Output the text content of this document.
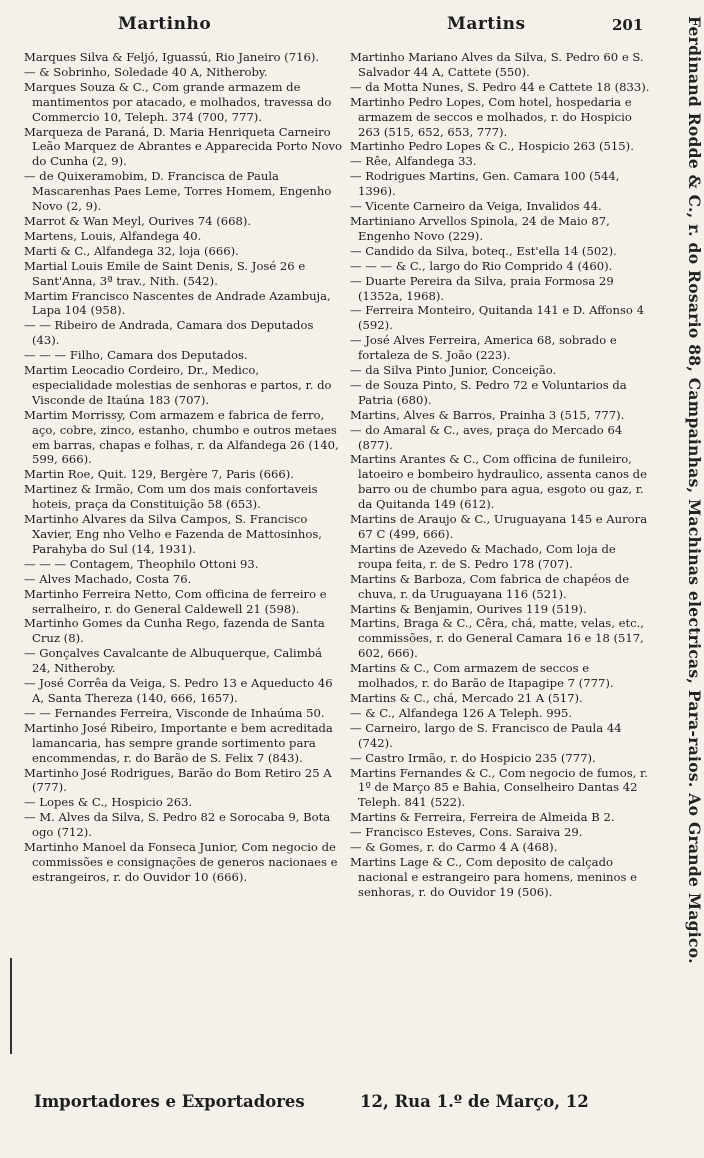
Martinho	Martins	201

Marques Silva & Feljó, Iguassú, Rio Janeiro (716).

— & Sobrinho, Soledade 40 A, Nitheroby.

Marques Souza & C., Com grande armazem de mantimentos por atacado, e molhados, travessa do Commercio 10, Teleph. 374 (700, 777).

Marqueza de Paraná, D. Maria Henriqueta Carneiro Leão Marquez de Abrantes e Apparecida Porto Novo do Cunha (2, 9).

— de Quixeramobim, D. Francisca de Paula Mascarenhas Paes Leme, Torres Homem, Engenho Novo (2, 9).

Marrot & Wan Meyl, Ourives 74 (668).

Martens, Louis, Alfandega 40.

Marti & C., Alfandega 32, loja (666).

Martial Louis Emile de Saint Denis, S. José 26 e Sant'Anna, 3ª trav., Nith. (542).

Martim Francisco Nascentes de Andrade Azambuja, Lapa 104 (958).

— — Ribeiro de Andrada, Camara dos Deputados (43).

— — — Filho, Camara dos Deputados.

Martim Leocadio Cordeiro, Dr., Medico, especialidade molestias de senhoras e partos, r. do Visconde de Itaúna 183 (707).

Martim Morrissy, Com armazem e fabrica de ferro, aço, cobre, zinco, estanho, chumbo e outros metaes em barras, chapas e folhas, r. da Alfandega 26 (140, 599, 666).

Martin Roe, Quit. 129, Bergère 7, Paris (666).

Martinez & Irmão, Com um dos mais confortaveis hoteis, praça da Constituição 58 (653).

Martinho Alvares da Silva Campos, S. Francisco Xavier, Eng nho Velho e Fazenda de Mattosinhos, Parahyba do Sul (14, 1931).

— — — Contagem, Theophilo Ottoni 93.

— Alves Machado, Costa 76.

Martinho Ferreira Netto, Com officina de ferreiro e serralheiro, r. do General Caldewell 21 (598).

Martinho Gomes da Cunha Rego, fazenda de Santa Cruz (8).

— Gonçalves Cavalcante de Albuquerque, Calimbá 24, Nitheroby.

— José Corrêa da Veiga, S. Pedro 13 e Aqueducto 46 A, Santa Thereza (140, 666, 1657).

— — Fernandes Ferreira, Visconde de Inhaúma 50.

Martinho José Ribeiro, Importante e bem acreditada lamancaria, has sempre grande sortimento para encommendas, r. do Barão de S. Felix 7 (843).

Martinho José Rodrigues, Barão do Bom Retiro 25 A (777).

— Lopes & C., Hospicio 263.

— M. Alves da Silva, S. Pedro 82 e Sorocaba 9, Bota ogo (712).

Martinho Manoel da Fonseca Junior, Com negocio de commissões e consignações de generos nacionaes e estrangeiros, r. do Ouvidor 10 (666).

Martinho Mariano Alves da Silva, S. Pedro 60 e S. Salvador 44 A, Cattete (550).

— da Motta Nunes, S. Pedro 44 e Cattete 18 (833).

Martinho Pedro Lopes, Com hotel, hospedaria e armazem de seccos e molhados, r. do Hospicio 263 (515, 652, 653, 777).

Martinho Pedro Lopes & C., Hospicio 263 (515).

— Rêe, Alfandega 33.

— Rodrigues Martins, Gen. Camara 100 (544, 1396).

— Vicente Carneiro da Veiga, Invalidos 44.

Martiniano Arvellos Spinola, 24 de Maio 87, Engenho Novo (229).

— Candido da Silva, boteq., Est'ella 14 (502).

— — — & C., largo do Rio Comprido 4 (460).

— Duarte Pereira da Silva, praia Formosa 29 (1352a, 1968).

— Ferreira Monteiro, Quitanda 141 e D. Affonso 4 (592).

— José Alves Ferreira, America 68, sobrado e fortaleza de S. João (223).

— da Silva Pinto Junior, Conceição.

— de Souza Pinto, S. Pedro 72 e Voluntarios da Patria (680).

Martins, Alves & Barros, Prainha 3 (515, 777).

— do Amaral & C., aves, praça do Mercado 64 (877).

Martins Arantes & C., Com officina de funileiro, latoeiro e bombeiro hydraulico, assenta canos de barro ou de chumbo para agua, esgoto ou gaz, r. da Quitanda 149 (612).

Martins de Araujo & C., Uruguayana 145 e Aurora 67 C (499, 666).

Martins de Azevedo & Machado, Com loja de roupa feita, r. de S. Pedro 178 (707).

Martins & Barboza, Com fabrica de chapéos de chuva, r. da Uruguayana 116 (521).

Martins & Benjamin, Ourives 119 (519).

Martins, Braga & C., Cêra, chá, matte, velas, etc., commissões, r. do General Camara 16 e 18 (517, 602, 666).

Martins & C., Com armazem de seccos e molhados, r. do Barão de Itapagipe 7 (777).

Martins & C., chá, Mercado 21 A (517).

— & C., Alfandega 126 A Teleph. 995.

— Carneiro, largo de S. Francisco de Paula 44 (742).

— Castro Irmão, r. do Hospicio 235 (777).

Martins Fernandes & C., Com negocio de fumos, r. 1º de Março 85 e Bahia, Conselheiro Dantas 42 Teleph. 841 (522).

Martins & Ferreira, Ferreira de Almeida B 2.

— Francisco Esteves, Cons. Saraiva 29.

— & Gomes, r. do Carmo 4 A (468).

Martins Lage & C., Com deposito de calçado nacional e estrangeiro para homens, meninos e senhoras, r. do Ouvidor 19 (506).	Ferdinand Rodde & C., r. do Rosario 88, Campainhas, Machinas electricas, Para-raios. Ao Grande Magico.
Importadores e Exportadores	12, Rua 1.º de Março, 12
